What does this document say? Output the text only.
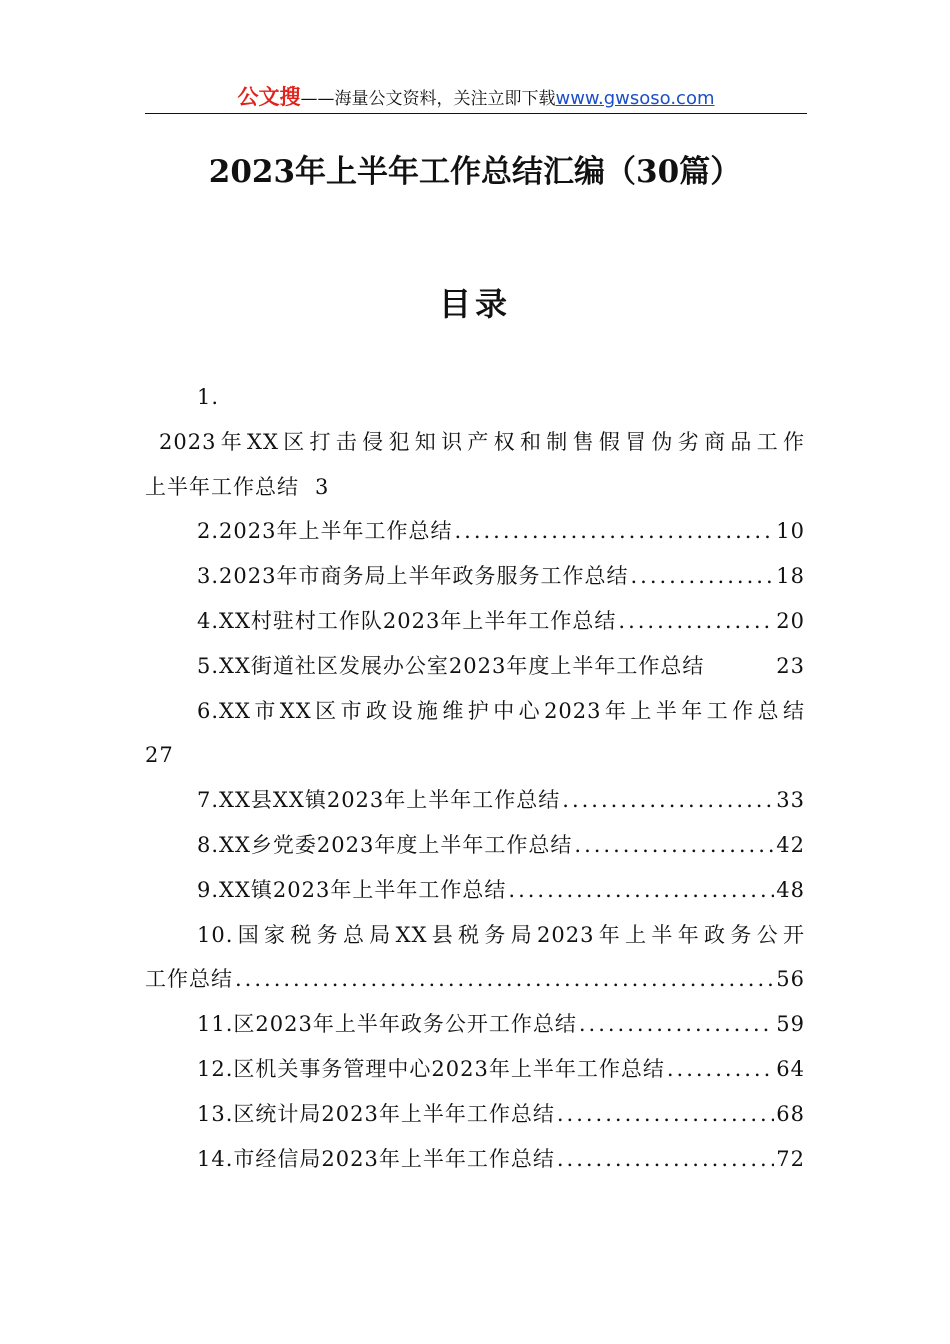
公文搜——海量公文资料，关注立即下载www.gwsoso.com
2023年上半年工作总结汇编（30篇）
目录
1.
2023年XX区打击侵犯知识产权和制售假冒伪劣商品工作
上半年工作总结 3
2.2023年上半年工作总结 .....	10
3.2023年市商务局上半年政务服务工作总结 .....	18
4.XX村驻村工作队2023年上半年工作总结 .....	20
5.XX街道社区发展办公室2023年度上半年工作总结	23
6.XX市XX区市政设施维护中心2023年上半年工作总结
27
7.XX县XX镇2023年上半年工作总结 .....	33
8.XX乡党委2023年度上半年工作总结 .....	42
9.XX镇2023年上半年工作总结 .....	48
10.国家税务总局XX县税务局2023年上半年政务公开
工作总结 .....	56
11.区2023年上半年政务公开工作总结 .....	59
12.区机关事务管理中心2023年上半年工作总结 .....	64
13.区统计局2023年上半年工作总结 .....	68
14.市经信局2023年上半年工作总结 .....	72
